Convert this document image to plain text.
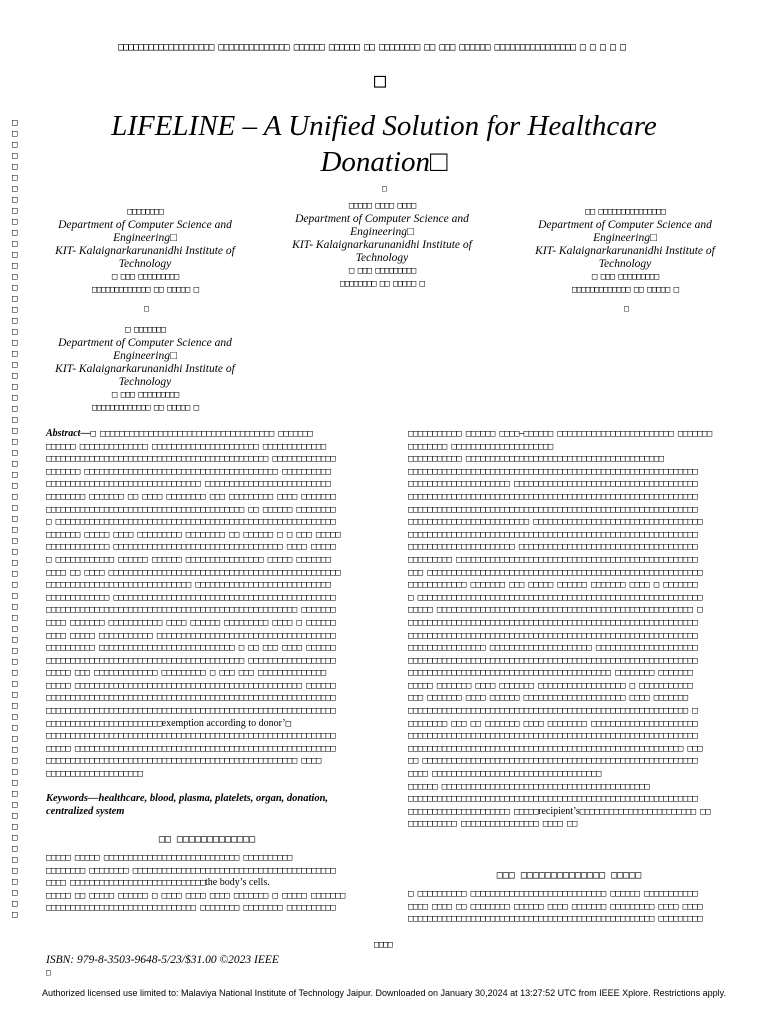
□□□□□□□□□□□□□□□□□□□ □□□□□□□□□□□□□□ □□□□□□ □□□□□□ □□ □□□□□□□□ □□ □□□ □□□□□□ □□□□□□□□□□□□□□□□ □ □ □ □ □
□
□□□□□□□□□□□□□□□□□□□□□□□□□□□□□□□□□□□□□□□□□□□□□□□□□□□□□□□□□□□□□□□□□□□□□□□□□
LIFELINE – A Unified Solution for Healthcare
Donation□
□
□□□□□□□□
Department of Computer Science and
Engineering□
KIT- Kalaignarkarunanidhi Institute of
Technology
□ □□□ □□□□□□□□□
□□□□□□□□□□□□□ □□ □□□□□ □
□□□□□ □□□□ □□□□
Department of Computer Science and
Engineering□
KIT- Kalaignarkarunanidhi Institute of
Technology
□ □□□ □□□□□□□□□
□□□□□□□□ □□ □□□□□ □
□□ □□□□□□□□□□□□□□□
Department of Computer Science and
Engineering□
KIT- Kalaignarkarunanidhi Institute of
Technology
□ □□□ □□□□□□□□□
□□□□□□□□□□□□□ □□ □□□□□ □
□	□
□ □□□□□□□
Department of Computer Science and
Engineering□
KIT- Kalaignarkarunanidhi Institute of
Technology
□ □□□ □□□□□□□□□
□□□□□□□□□□□□□ □□ □□□□□ □
Abstract—□ □□□□□□□□□□□□□□□□□□□□□□□□□□□□□□□□□□□□ □□□□□□□
□□□□□□ □□□□□□□□□□□□□□ □□□□□□□□□□□□□□□□□□□□□□ □□□□□□□□□□□□□
□□□□□□□□□□□□□□□□□□□□□□□□□□□□□□□□□□□□□□□□□□□□□□ □□□□□□□□□□□□□
□□□□□□□ □□□□□□□□□□□□□□□□□□□□□□□□□□□□□□□□□□□□□□□□ □□□□□□□□□□
□□□□□□□□□□□□□□□□□□□□□□□□□□□□□□□□ □□□□□□□□□□□□□□□□□□□□□□□□□□
□□□□□□□□ □□□□□□□ □□ □□□□ □□□□□□□□ □□□ □□□□□□□□□ □□□□ □□□□□□□
□□□□□□□□□□□□□□□□□□□□□□□□□□□□□□□□□□□□□□□□□ □□ □□□□□□ □□□□□□□□
□ □□□□□□□□□□□□□□□□□□□□□□□□□□□□□□□□□□□□□□□□□□□□□□□□□□□□□□□□□□
□□□□□□□ □□□□□ □□□□ □□□□□□□□□ □□□□□□□□ □□ □□□□□□ □ □ □□□ □□□□□
□□□□□□□□□□□□□ □□□□□□□□□□□□□□□□□□□□□□□□□□□□□□□□□□□ □□□□ □□□□□
□ □□□□□□□□□□□□ □□□□□□ □□□□□□ □□□□□□□□□□□□□□□□ □□□□□ □□□□□□□
□□□□ □□ □□□□ □□□□□□□□□□□□□□□□□□□□□□□□□□□□□□□□□□□□□□□□□□□□□□□□
□□□□□□□□□□□□□□□□□□□□□□□□□□□□□□ □□□□□□□□□□□□□□□□□□□□□□□□□□□□
□□□□□□□□□□□□□ □□□□□□□□□□□□□□□□□□□□□□□□□□□□□□□□□□□□□□□□□□□□□□
□□□□□□□□□□□□□□□□□□□□□□□□□□□□□□□□□□□□□□□□□□□□□□□□□□□□ □□□□□□□
□□□□ □□□□□□□ □□□□□□□□□□□ □□□□ □□□□□□ □□□□□□□□□ □□□□ □ □□□□□□
□□□□ □□□□□ □□□□□□□□□□□ □□□□□□□□□□□□□□□□□□□□□□□□□□□□□□□□□□□□□
□□□□□□□□□□ □□□□□□□□□□□□□□□□□□□□□□□□□□□□ □ □□ □□□ □□□□ □□□□□□
□□□□□□□□□□□□□□□□□□□□□□□□□□□□□□□□□□□□□□□□□ □□□□□□□□□□□□□□□□□□
□□□□□ □□□ □□□□□□□□□□□□□ □□□□□□□□□ □ □□□ □□□ □□□□□□□□□□□□□□
□□□□□ □□□□□□□□□□□□□□□□□□□□□□□□□□□□□□□□□□□□□□□□□□□□□□□ □□□□□□
□□□□□□□□□□□□□□□□□□□□□□□□□□□□□□□□□□□□□□□□□□□□□□□□□□□□□□□□□□□□
□□□□□□□□□□□□□□□□□□□□□□□□□□□□□□□□□□□□□□□□□□□□□□□□□□□□□□□□□□□□
□□□□□□□□□□□□□□□□□□□□□□□□exemption according to donor’□
□□□□□□□□□□□□□□□□□□□□□□□□□□□□□□□□□□□□□□□□□□□□□□□□□□□□□□□□□□□□
□□□□□ □□□□□□□□□□□□□□□□□□□□□□□□□□□□□□□□□□□□□□□□□□□□□□□□□□□□□□
□□□□□□□□□□□□□□□□□□□□□□□□□□□□□□□□□□□□□□□□□□□□□□□□□□□□ □□□□
□□□□□□□□□□□□□□□□□□□□
Keywords—healthcare, blood, plasma, platelets, organ, donation, centralized system
□□ □□□□□□□□□□□□□
□□□□□ □□□□□ □□□□□□□□□□□□□□□□□□□□□□□□□□□□ □□□□□□□□□□
□□□□□□□□ □□□□□□□□ □□□□□□□□□□□□□□□□□□□□□□□□□□□□□□□□□□□□□□□□□□
□□□□ □□□□□□□□□□□□□□□□□□□□□□□□□□□□the body’s cells.
□□□□□ □□ □□□□□ □□□□□□ □ □□□□ □□□□ □□□□ □□□□□□□ □ □□□□□ □□□□□□□
□□□□□□□□□□□□□□□□□□□□□□□□□□□□□□□ □□□□□□□□ □□□□□□□□ □□□□□□□□□□
□□□□□□□□□□□ □□□□□□ □□□□—□□□□□□ □□□□□□□□□□□□□□□□□□□□□□□□ □□□□□□□
□□□□□□□□ □□□□□□□□□□□□□□□□□□□□□
□□□□□□□□□□□ □□□□□□□□□□□□□□□□□□□□□□□□□□□□□□□□□□□□□□□□□
□□□□□□□□□□□□□□□□□□□□□□□□□□□□□□□□□□□□□□□□□□□□□□□□□□□□□□□□□□□□
□□□□□□□□□□□□□□□□□□□□□ □□□□□□□□□□□□□□□□□□□□□□□□□□□□□□□□□□□□□□
□□□□□□□□□□□□□□□□□□□□□□□□□□□□□□□□□□□□□□□□□□□□□□□□□□□□□□□□□□□□
□□□□□□□□□□□□□□□□□□□□□□□□□□□□□□□□□□□□□□□□□□□□□□□□□□□□□□□□□□□□
□□□□□□□□□□□□□□□□□□□□□□□□□ □□□□□□□□□□□□□□□□□□□□□□□□□□□□□□□□□□□
□□□□□□□□□□□□□□□□□□□□□□□□□□□□□□□□□□□□□□□□□□□□□□□□□□□□□□□□□□□□
□□□□□□□□□□□□□□□□□□□□□□ □□□□□□□□□□□□□□□□□□□□□□□□□□□□□□□□□□□□□
□□□□□□□□□ □□□□□□□□□□□□□□□□□□□□□□□□□□□□□□□□□□□□□□□□□□□□□□□□□□
□□□ □□□□□□□□□□□□□□□□□□□□□□□□□□□□□□□□□□□□□□□□□□□□□□□□□□□□□□□□□
□□□□□□□□□□□□ □□□□□□□ □□□ □□□□□ □□□□□□ □□□□□□□ □□□□ □ □□□□□□□
□ □□□□□□□□□□□□□□□□□□□□□□□□□□□□□□□□□□□□□□□□□□□□□□□□□□□□□□□□□□□
□□□□□ □□□□□□□□□□□□□□□□□□□□□□□□□□□□□□□□□□□□□□□□□□□□□□□□□□□□□ □
□□□□□□□□□□□□□□□□□□□□□□□□□□□□□□□□□□□□□□□□□□□□□□□□□□□□□□□□□□□□
□□□□□□□□□□□□□□□□□□□□□□□□□□□□□□□□□□□□□□□□□□□□□□□□□□□□□□□□□□□□
□□□□□□□□□□□□□□□□ □□□□□□□□□□□□□□□□□□□□□ □□□□□□□□□□□□□□□□□□□□□
□□□□□□□□□□□□□□□□□□□□□□□□□□□□□□□□□□□□□□□□□□□□□□□□□□□□□□□□□□□□
□□□□□□□□□□□□□□□□□□□□□□□□□□□□□□□□□□□□□□□□□□ □□□□□□□□ □□□□□□□
□□□□□ □□□□□□□ □□□□ □□□□□□□ □□□□□□□□□□□□□□□□□□ □ □□□□□□□□□□□
□□□ □□□□□□□ □□□□ □□□□□□ □□□□□□□□□□□□□□□□□□□□□ □□□□ □□□□□□□
□□□□□□□□□□□□□□□□□□□□□□□□□□□□□□□□□□□□□□□□□□□□□□□□□□□□□□□□□□ □
□□□□□□□□ □□□ □□ □□□□□□□ □□□□ □□□□□□□□ □□□□□□□□□□□□□□□□□□□□□□
□□□□□□□□□□□□□□□□□□□□□□□□□□□□□□□□□□□□□□□□□□□□□□□□□□□□□□□□□□□□
□□□□□□□□□□□□□□□□□□□□□□□□□□□□□□□□□□□□□□□□□□□□□□□□□□□□□□□□□ □□□
□□ □□□□□□□□□□□□□□□□□□□□□□□□□□□□□□□□□□□□□□□□□□□□□□□□□□□□□□□□□
□□□□ □□□□□□□□□□□□□□□□□□□□□□□□□□□□□□□□□□□
□□□□□□ □□□□□□□□□□□□□□□□□□□□□□□□□□□□□□□□□□□□□□□□□□□
□□□□□□□□□□□□□□□□□□□□□□□□□□□□□□□□□□□□□□□□□□□□□□□□□□□□□□□□□□□□
□□□□□□□□□□□□□□□□□□□□□ □□□□□recipient’s□□□□□□□□□□□□□□□□□□□□□□□□ □□
□□□□□□□□□□ □□□□□□□□□□□□□□□□ □□□□ □□
□□□ □□□□□□□□□□□□□□ □□□□□
□ □□□□□□□□□□ □□□□□□□□□□□□□□□□□□□□□□□□□□□□ □□□□□□ □□□□□□□□□□□
□□□□ □□□□ □□ □□□□□□□□ □□□□□□ □□□□ □□□□□□□ □□□□□□□□□ □□□□ □□□□
□□□□□□□□□□□□□□□□□□□□□□□□□□□□□□□□□□□□□□□□□□□□□□□□□□□ □□□□□□□□□
□□□□
ISBN: 979-8-3503-9648-5/23/$31.00 ©2023 IEEE
□
Authorized licensed use limited to: Malaviya National Institute of Technology Jaipur. Downloaded on January 30,2024 at 13:27:52 UTC from IEEE Xplore. Restrictions apply.
